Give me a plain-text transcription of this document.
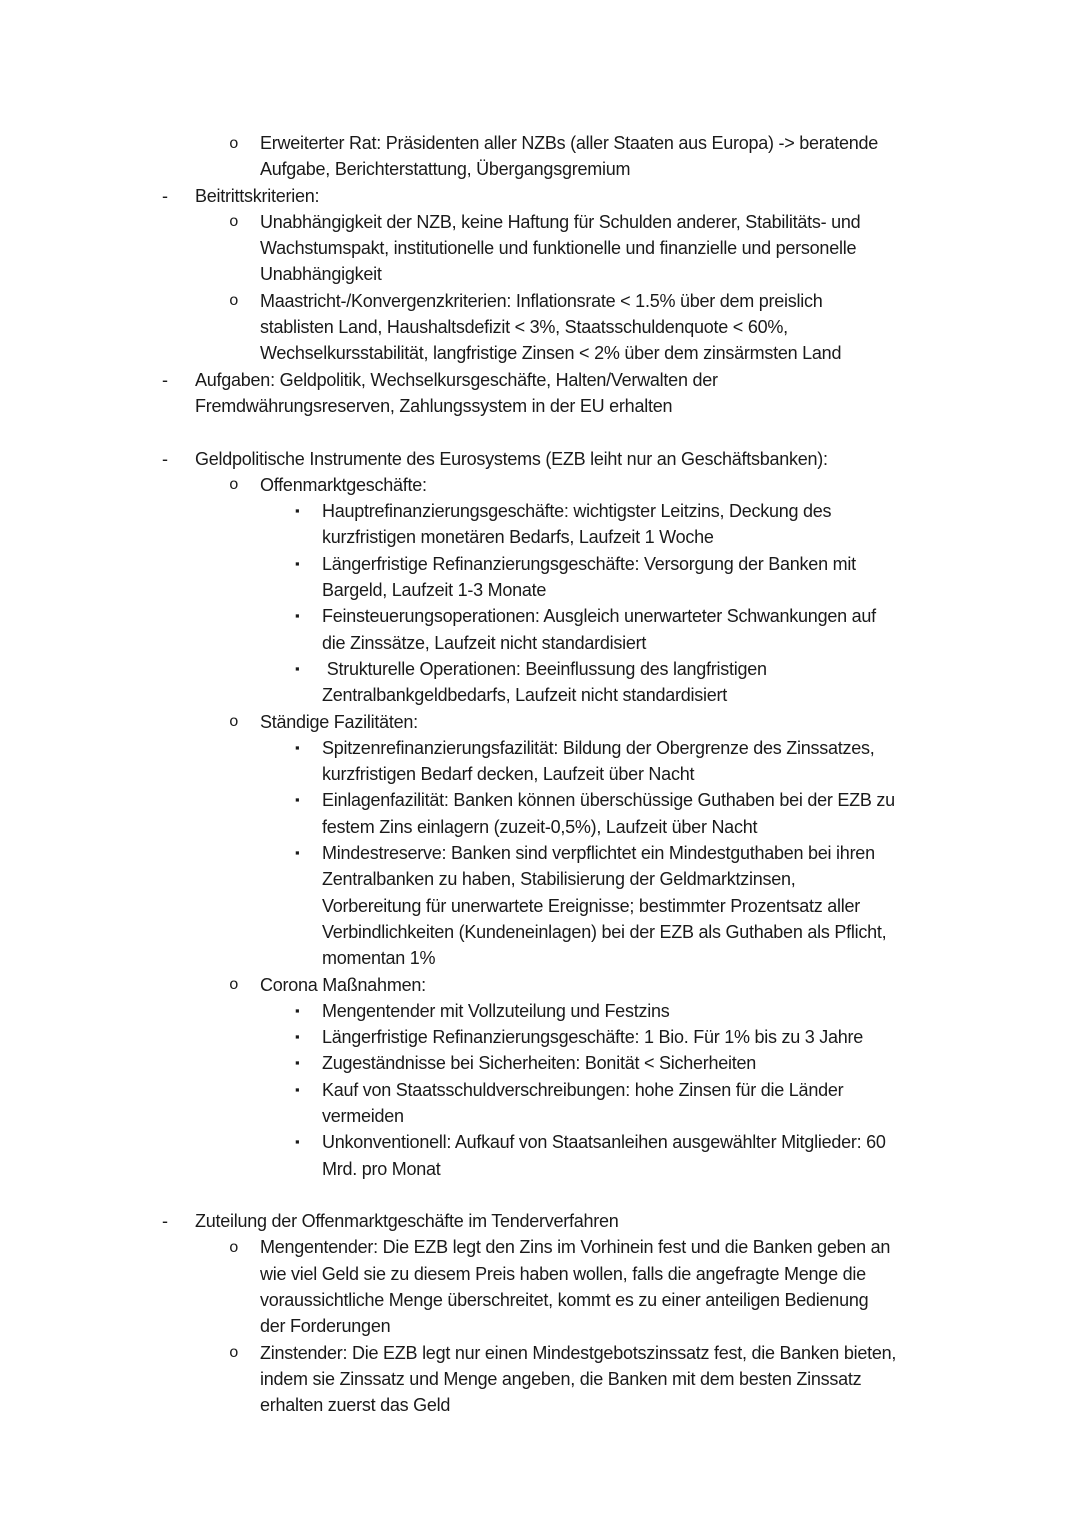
o Erweiterter Rat: Präsidenten aller NZBs (aller Staaten aus Europa) -> beratende
Aufgabe, Berichterstattung, Übergangsgremium
- Beitrittskriterien:
o Unabhängigkeit der NZB, keine Haftung für Schulden anderer, Stabilitäts- und
Wachstumspakt, institutionelle und funktionelle und finanzielle und personelle
Unabhängigkeit
o Maastricht-/Konvergenzkriterien: Inflationsrate < 1.5% über dem preislich
stablisten Land, Haushaltsdefizit < 3%, Staatsschuldenquote < 60%,
Wechselkursstabilität, langfristige Zinsen < 2% über dem zinsärmsten Land
- Aufgaben: Geldpolitik, Wechselkursgeschäfte, Halten/Verwalten der
Fremdwährungsreserven, Zahlungssystem in der EU erhalten
- Geldpolitische Instrumente des Eurosystems (EZB leiht nur an Geschäftsbanken):
o Offenmarktgeschäfte:
▪ Hauptrefinanzierungsgeschäfte: wichtigster Leitzins, Deckung des
kurzfristigen monetären Bedarfs, Laufzeit 1 Woche
▪ Längerfristige Refinanzierungsgeschäfte: Versorgung der Banken mit
Bargeld, Laufzeit 1-3 Monate
▪ Feinsteuerungsoperationen: Ausgleich unerwarteter Schwankungen auf
die Zinssätze, Laufzeit nicht standardisiert
▪ Strukturelle Operationen: Beeinflussung des langfristigen
Zentralbankgeldbedarfs, Laufzeit nicht standardisiert
o Ständige Fazilitäten:
▪ Spitzenrefinanzierungsfazilität: Bildung der Obergrenze des Zinssatzes,
kurzfristigen Bedarf decken, Laufzeit über Nacht
▪ Einlagenfazilität: Banken können überschüssige Guthaben bei der EZB zu
festem Zins einlagern (zuzeit-0,5%), Laufzeit über Nacht
▪ Mindestreserve: Banken sind verpflichtet ein Mindestguthaben bei ihren
Zentralbanken zu haben, Stabilisierung der Geldmarktzinsen,
Vorbereitung für unerwartete Ereignisse; bestimmter Prozentsatz aller
Verbindlichkeiten (Kundeneinlagen) bei der EZB als Guthaben als Pflicht,
momentan 1%
o Corona Maßnahmen:
▪ Mengentender mit Vollzuteilung und Festzins
▪ Längerfristige Refinanzierungsgeschäfte: 1 Bio. Für 1% bis zu 3 Jahre
▪ Zugeständnisse bei Sicherheiten: Bonität < Sicherheiten
▪ Kauf von Staatsschuldverschreibungen: hohe Zinsen für die Länder
vermeiden
▪ Unkonventionell: Aufkauf von Staatsanleihen ausgewählter Mitglieder: 60
Mrd. pro Monat
- Zuteilung der Offenmarktgeschäfte im Tenderverfahren
o Mengentender: Die EZB legt den Zins im Vorhinein fest und die Banken geben an
wie viel Geld sie zu diesem Preis haben wollen, falls die angefragte Menge die
voraussichtliche Menge überschreitet, kommt es zu einer anteiligen Bedienung
der Forderungen
o Zinstender: Die EZB legt nur einen Mindestgebotszinssatz fest, die Banken bieten,
indem sie Zinssatz und Menge angeben, die Banken mit dem besten Zinssatz
erhalten zuerst das Geld
